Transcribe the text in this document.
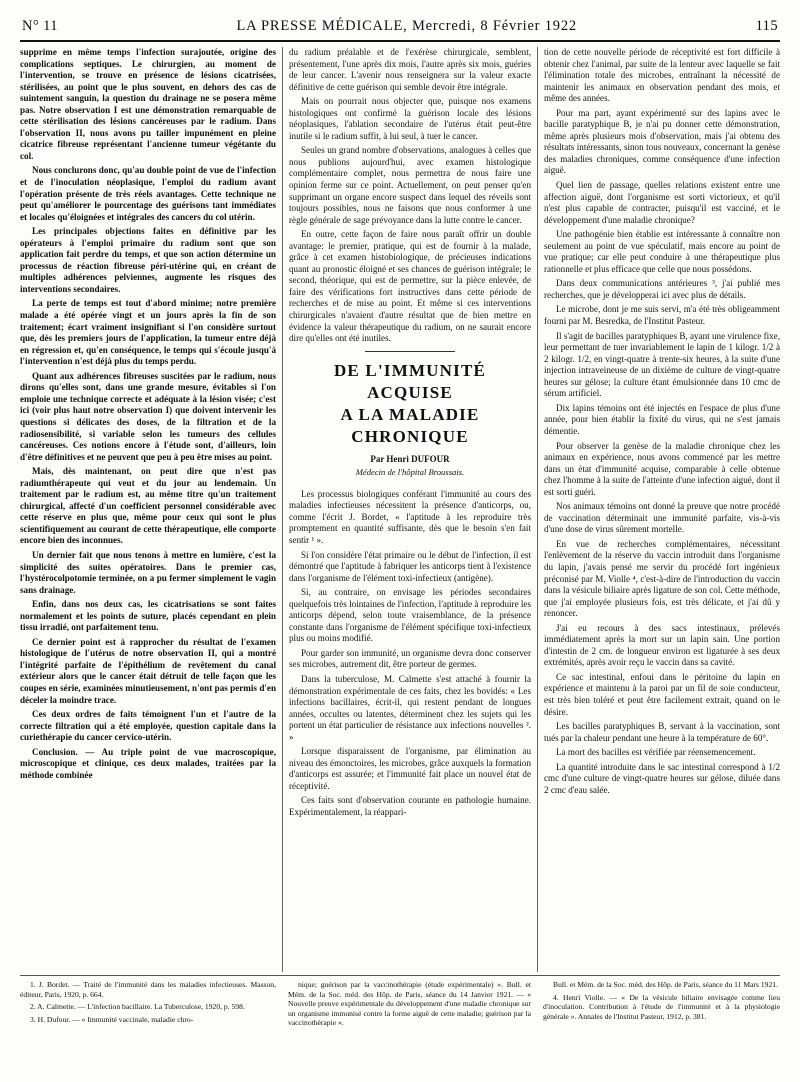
N° 11	LA PRESSE MÉDICALE, Mercredi, 8 Février 1922	115

supprime en même temps l'infection surajoutée, origine des complications septiques. Le chirurgien, au moment de l'intervention, se trouve en présence de lésions cicatrisées, stérilisées, au point que le plus souvent, en dehors des cas de suintement sanguin, la question du drainage ne se posera même pas. Notre observation I est une démonstration remarquable de cette stérilisation des lésions cancéreuses par le radium. Dans l'observation II, nous avons pu tailler impunément en pleine cicatrice fibreuse représentant l'ancienne tumeur végétante du col.

Nous conclurons donc, qu'au double point de vue de l'infection et de l'inoculation néoplasique, l'emploi du radium avant l'opération présente de très réels avantages. Cette technique ne peut qu'améliorer le pourcentage des guérisons tant immédiates et locales qu'éloignées et intégrales des cancers du col utérin.

Les principales objections faites en définitive par les opérateurs à l'emploi primaire du radium sont que son application fait perdre du temps, et que son action détermine un processus de réaction fibreuse péri-utérine qui, en créant de multiples adhérences pelviennes, augmente les risques des interventions secondaires.

La perte de temps est tout d'abord minime; notre première malade a été opérée vingt et un jours après la fin de son traitement; écart vraiment insignifiant si l'on considère surtout que, dès les premiers jours de l'application, la tumeur entre déjà en régression et, qu'en conséquence, le temps qui s'écoule jusqu'à l'intervention n'est déjà plus du temps perdu.

Quant aux adhérences fibreuses suscitées par le radium, nous dirons qu'elles sont, dans une grande mesure, évitables si l'on emploie une technique correcte et adéquate à la lésion visée; c'est ici (voir plus haut notre observation I) que doivent intervenir les questions si délicates des doses, de la filtration et de la radiosensibilité, si variable selon les tumeurs des cellules cancéreuses. Ces notions encore à l'étude sont, d'ailleurs, loin d'être définitives et ne peuvent que peu à peu être mises au point.

Mais, dès maintenant, on peut dire que n'est pas radiumthérapeute qui veut et du jour au lendemain. Un traitement par le radium est, au même titre qu'un traitement chirurgical, affecté d'un coefficient personnel considérable avec cette réserve en plus que, même pour ceux qui sont le plus scientifiquement au courant de cette thérapeutique, elle comporte encore bien des inconnues.

Un dernier fait que nous tenons à mettre en lumière, c'est la simplicité des suites opératoires. Dans le premier cas, l'hystérocolpotomie terminée, on a pu fermer simplement le vagin sans drainage.

Enfin, dans nos deux cas, les cicatrisations se sont faites normalement et les points de suture, placés cependant en plein tissu irradié, ont parfaitement tenu.

Ce dernier point est à rapprocher du résultat de l'examen histologique de l'utérus de notre observation II, qui a montré l'intégrité parfaite de l'épithélium de revêtement du canal extérieur alors que le cancer était détruit de telle façon que les coupes en série, examinées minutieusement, n'ont pas permis d'en déceler la moindre trace.

Ces deux ordres de faits témoignent l'un et l'autre de la correcte filtration qui a été employée, question capitale dans la curiethérapie du cancer cervico-utérin.

Conclusion. — Au triple point de vue macroscopique, microscopique et clinique, ces deux malades, traitées par la méthode combinée

du radium préalable et de l'exérèse chirurgicale, semblent, présentement, l'une après dix mois, l'autre après six mois, guéries de leur cancer. L'avenir nous renseignera sur la valeur exacte définitive de cette guérison qui semble devoir être intégrale.

Mais on pourrait nous objecter que, puisque nos examens histologiques ont confirmé la guérison locale des lésions néoplasiques, l'ablation secondaire de l'utérus était peut-être inutile si le radium suffit, à lui seul, à tuer le cancer.

Seules un grand nombre d'observations, analogues à celles que nous publions aujourd'hui, avec examen histologique complémentaire complet, nous permettra de nous faire une opinion ferme sur ce point. Actuellement, on peut penser qu'en supprimant un organe encore suspect dans lequel des réveils sont toujours possibles, nous ne faisons que nous conformer à une règle générale de sage prévoyance dans la lutte contre le cancer.

En outre, cette façon de faire nous paraît offrir un double avantage: le premier, pratique, qui est de fournir à la malade, grâce à cet examen histobiologique, de précieuses indications quant au pronostic éloigné et ses chances de guérison intégrale; le second, théorique, qui est de permettre, sur la pièce enlevée, de faire des vérifications fort instructives dans cette période de recherches et de mise au point. Et même si ces interventions chirurgicales n'avaient d'autre résultat que de bien mettre en évidence la valeur thérapeutique du radium, on ne saurait encore dire qu'elles ont été inutiles.

DE L'IMMUNITÉ ACQUISE
A LA MALADIE CHRONIQUE
Par Henri DUFOUR
Médecin de l'hôpital Broussais.

Les processus biologiques conférant l'immunité au cours des maladies infectieuses nécessitent la présence d'anticorps, ou, comme l'écrit J. Bordet, « l'aptitude à les reproduire très promptement en quantité suffisante, dès que le besoin s'en fait sentir ¹ ».

Si l'on considère l'état primaire ou le début de l'infection, il est démontré que l'aptitude à fabriquer les anticorps tient à l'existence dans l'organisme de l'élément toxi-infectieux (antigène).

Si, au contraire, on envisage les périodes secondaires quelquefois très lointaines de l'infection, l'aptitude à reproduire les anticorps dépend, selon toute vraisemblance, de la présence constante dans l'organisme de l'élément spécifique toxi-infectieux plus ou moins modifié.

Pour garder son immunité, un organisme devra donc conserver ses microbes, autrement dit, être porteur de germes.

Dans la tuberculose, M. Calmette s'est attaché à fournir la démonstration expérimentale de ces faits, chez les bovidés: « Les infections bacillaires, écrit-il, qui restent pendant de longues années, occultes ou latentes, déterminent chez les sujets qui les portent un état particulier de résistance aux infections nouvelles ². »

Lorsque disparaissent de l'organisme, par élimination au niveau des émonctoires, les microbes, grâce auxquels la formation d'anticorps est assurée; et l'immunité fait place un nouvel état de réceptivité.

Ces faits sont d'observation courante en pathologie humaine. Expérimentalement, la réappari-

tion de cette nouvelle période de réceptivité est fort difficile à obtenir chez l'animal, par suite de la lenteur avec laquelle se fait l'élimination totale des microbes, entraînant la nécessité de maintenir les animaux en observation pendant des mois, et même des années.

Pour ma part, ayant expérimenté sur des lapins avec le bacille paratyphique B, je n'ai pu donner cette démonstration, même après plusieurs mois d'observation, mais j'ai obtenu des résultats intéressants, sinon tous nouveaux, concernant la genèse des maladies chroniques, comme conséquence d'une infection aiguë.

Quel lien de passage, quelles relations existent entre une affection aiguë, dont l'organisme est sorti victorieux, et qu'il n'est plus capable de contracter, puisqu'il est vacciné, et le développement d'une maladie chronique?

Une pathogénie bien établie est intéressante à connaître non seulement au point de vue spéculatif, mais encore au point de vue pratique; car elle peut conduire à une thérapeutique plus rationnelle et plus efficace que celle que nous possédons.

Dans deux communications antérieures ³, j'ai publié mes recherches, que je développerai ici avec plus de détails.

Le microbe, dont je me suis servi, m'a été très obligeamment fourni par M. Besredka, de l'Institut Pasteur.

Il s'agit de bacilles paratyphiques B, ayant une virulence fixe, leur permettant de tuer invariablement le lapin de 1 kilogr. 1/2 à 2 kilogr. 1/2, en vingt-quatre à trente-six heures, à la suite d'une injection intraveineuse de un dixième de culture de vingt-quatre heures sur gélose; la culture étant émulsionnée dans 10 cmc de sérum artificiel.

Dix lapins témoins ont été injectés en l'espace de plus d'une année, pour bien établir la fixité du virus, qui ne s'est jamais démentie.

Pour observer la genèse de la maladie chronique chez les animaux en expérience, nous avons commencé par les mettre dans un état d'immunité acquise, comparable à celle obtenue chez l'homme à la suite de l'atteinte d'une infection aiguë, dont il est sorti guéri.

Nos animaux témoins ont donné la preuve que notre procédé de vaccination déterminait une immunité parfaite, vis-à-vis d'une dose de virus sûrement mortelle.

En vue de recherches complémentaires, nécessitant l'enlèvement de la réserve du vaccin introduit dans l'organisme du lapin, j'avais pensé me servir du procédé fort ingénieux préconisé par M. Violle ⁴, c'est-à-dire de l'introduction du vaccin dans la vésicule biliaire après ligature de son col. Cette méthode, que j'ai employée plusieurs fois, est très délicate, et j'ai dû y renoncer.

J'ai eu recours à des sacs intestinaux, prélevés immédiatement après la mort sur un lapin sain. Une portion d'intestin de 2 cm. de longueur environ est ligaturée à ses deux extrémités, après avoir reçu le vaccin dans sa cavité.

Ce sac intestinal, enfoui dans le péritoine du lapin en expérience et maintenu à la paroi par un fil de soie conducteur, est très bien toléré et peut être facilement extrait, quand on le désire.

Les bacilles paratyphiques B, servant à la vaccination, sont tués par la chaleur pendant une heure à la température de 60°.

La mort des bacilles est vérifiée par réensemencement.

La quantité introduite dans le sac intestinal correspond à 1/2 cmc d'une culture de vingt-quatre heures sur gélose, diluée dans 2 cmc d'eau salée.

1. J. Bordet. — Traité de l'immunité dans les maladies infectieuses. Masson, éditeur, Paris, 1920, p. 664.

2. A. Calmette. — L'infection bacillaire. La Tuberculose, 1920, p. 598.

3. H. Dufour. — « Immunité vaccinale, maladie chro-

nique; guérison par la vaccinothérapie (étude expérimentale) ». Bull. et Mém. de la Soc. méd. des Hôp. de Paris, séance du 14 Janvier 1921. — « Nouvelle preuve expérimentale du développement d'une maladie chronique sur un organisme immunisé contre la forme aiguë de cette maladie; guérison par la vaccinothérapie ».

Bull. et Mém. de la Soc. méd. des Hôp. de Paris, séance du 11 Mars 1921.

4. Henri Violle. — « De la vésicule biliaire envisagée comme lieu d'inoculation. Contribution à l'étude de l'immunité et à la physiologie générale ». Annales de l'Institut Pasteur, 1912, p. 381.
